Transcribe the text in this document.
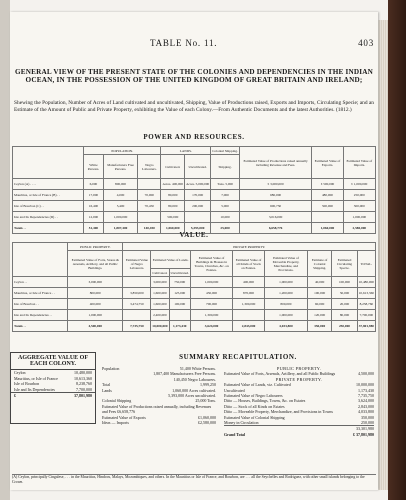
TABLE No. 11.	403
GENERAL VIEW OF THE PRESENT STATE OF THE COLONIES AND DEPENDENCIES IN THE INDIAN OCEAN, IN THE POSSESSION OF THE UNITED KINGDOM OF GREAT BRITAIN AND IRELAND;
Shewing the Population, Number of Acres of Land cultivated and uncultivated, Shipping, Value of Productions raised, Exports and Imports, Circulating Specie; and an Estimate of the Amount of Public and Private Property, exhibiting the Value of each Colony.—From Authentic Documents and the latest Authorities. (1812.)
POWER AND RESOURCES.
	POPULATION.			LANDS.		Colonial Shipping.	Estimated Value of Productions raised annually including Revenue and Fees.	Estimated Value of Exports.	Estimated Value of Imports.
	White Persons.	Manufacturers Free Persons.	Negro Labourers.	Cultivated.	Uncultivated.	Shipping.			
Ceylon (A) . . . .	6,000	800,000		Acres. 400,000	Acres. 5,000,000	Tons. 5,000	£ 3,000,000	£ 500,000	£ 1,000,000
Mauritius, or Isle of France (B) . .	17,000	4,000	70,000	80,000	170,000	7,000	680,000	480,000	250,000
Isle of Bourbon (C) . .	16,400	5,400	70,450	80,000	200,000	5,000	600,730	500,000	300,000
Isle and Its Dependencies (D) . .	12,000	1,000,000		500,000		10,000	3,016,000		1,000,000
Totals . .	51,400	1,807,400	140,450	1,060,000	5,393,000	25,000	6,658,776	1,060,000	2,580,000
VALUE.
	PUBLIC PROPERTY.	PRIVATE PROPERTY.								
	Estimated Value of Forts, Stores & Arsenals, Artillery, and all Public Buildings.	Estimated Value of Negro Labourers.	Estimated Value of Lands.		Estimated Value of Buildings & Houses in Towns, Churches, &c. on Estates.	Estimated Value of all Kinds of Stock on Estates.	Estimated Value of Moveable Property, Merchandize, and Provisions.	Estimate of Colonial Shipping.	Estimated Circulating Specie.	TOTAL.
			Cultivated.	Uncultivated.						
Ceylon . .	3,000,000		3,000,000	750,000	1,000,000	400,000	1,000,000	40,000	100,000	10,480,000
Mauritius, or Isle of France . .	800,000	3,850,000	1,600,000	125,000	430,000	870,000	1,200,000	100,000	50,000	10,613,360
Isle of Bourbon . .	400,000	3,474,750	1,600,000	100,000	700,000	1,300,000	800,000	60,000	20,000	8,238,760
Isle and Its Dependencies . .	1,000,000		2,400,000		1,300,000		1,000,000	120,000	80,000	7,700,000
Totals . .	4,500,000	7,735,750	10,000,000	1,173,430	3,624,000	2,843,000	4,033,800	350,000	250,000	37,801,980
AGGREGATE VALUE OF EACH COLONY.
Ceylon	10,480,000
Mauritius, or Isle of France	10,613,360
Isle of Bourbon	8,238,760
Isle and Its Dependencies	7,700,000
£	37,801,980
SUMMARY RECAPITULATION.
Population	51,400 White Persons.
1,807,400 Manufacturers Free Persons.
140,450 Negro Labourers.
Total	1,999,250
Lands	1,060,000 Acres cultivated.
5,393,000 Acres uncultivated.
Colonial Shipping	25,000 Tons.
Estimated Value of Productions raised annually, including Revenues and Fees £6,658,776
Estimated Value of Exports	£1,060,000
Ideas — Imports	£2,580,000
PUBLIC PROPERTY.
Estimated Value of Forts, Arsenals, Artillery, and all Public Buildings	4,500,000
PRIVATE PROPERTY.
Estimated Value of Lands, viz. Cultivated	10,000,000
Uncultivated	1,173,430
Estimated Value of Negro Labourers	7,735,750
Ditto — Houses, Buildings, Towns, &c. on Estates	3,624,000
Ditto — Stock of all Kinds on Estates	2,843,000
Ditto — Moveable Property, Merchandize, and Provisions in Towns	4,033,800
Estimated Value of Colonial Shipping	350,000
Money in Circulation	250,000
33,301,980
Grand Total	£ 37,801,980
(A) Ceylon, principally Cingalese, . . . in the Mauritius, Hindoos, Malays, Mozambiques, and others. In the Mauritius or Isle of France, and Bourbon, are . . . all the Seychelles and Rodriguez, with other small islands belonging to the Crown.
